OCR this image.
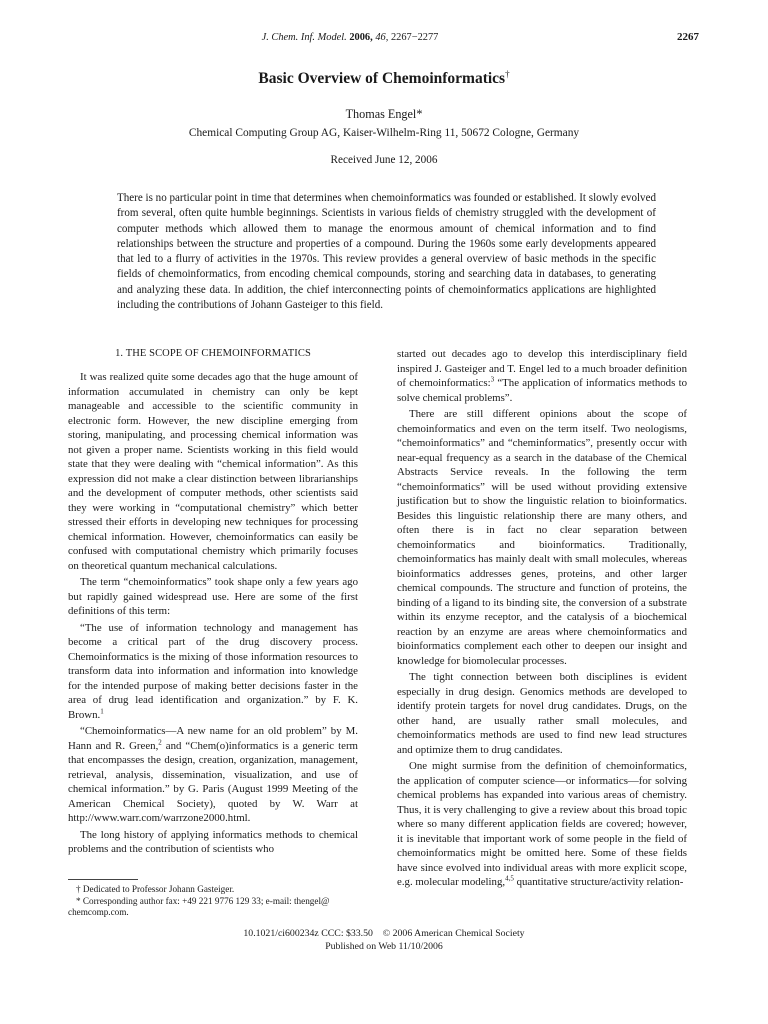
J. Chem. Inf. Model. 2006, 46, 2267−2277	2267
Basic Overview of Chemoinformatics†
Thomas Engel*
Chemical Computing Group AG, Kaiser-Wilhelm-Ring 11, 50672 Cologne, Germany
Received June 12, 2006

There is no particular point in time that determines when chemoinformatics was founded or established. It slowly evolved from several, often quite humble beginnings. Scientists in various fields of chemistry struggled with the development of computer methods which allowed them to manage the enormous amount of chemical information and to find relationships between the structure and properties of a compound. During the 1960s some early developments appeared that led to a flurry of activities in the 1970s. This review provides a general overview of basic methods in the specific fields of chemoinformatics, from encoding chemical compounds, storing and searching data in databases, to generating and analyzing these data. In addition, the chief interconnecting points of chemoinformatics applications are highlighted including the contributions of Johann Gasteiger to this field.

1. THE SCOPE OF CHEMOINFORMATICS

It was realized quite some decades ago that the huge amount of information accumulated in chemistry can only be kept manageable and accessible to the scientific community in electronic form. However, the new discipline emerging from storing, manipulating, and processing chemical information was not given a proper name. Scientists working in this field would state that they were dealing with “chemical information”. As this expression did not make a clear distinction between librarianships and the development of computer methods, other scientists said they were working in “computational chemistry” which better stressed their efforts in developing new techniques for processing chemical information. However, chemoinformatics can easily be confused with computational chemistry which primarily focuses on theoretical quantum mechanical calculations.

The term “chemoinformatics” took shape only a few years ago but rapidly gained widespread use. Here are some of the first definitions of this term:

“The use of information technology and management has become a critical part of the drug discovery process. Chemoinformatics is the mixing of those information resources to transform data into information and information into knowledge for the intended purpose of making better decisions faster in the area of drug lead identification and organization.” by F. K. Brown.$^1$

“Chemoinformatics—A new name for an old problem” by M. Hann and R. Green,$^2$ and “Chem(o)informatics is a generic term that encompasses the design, creation, organization, management, retrieval, analysis, dissemination, visualization, and use of chemical information.” by G. Paris (August 1999 Meeting of the American Chemical Society), quoted by W. Warr at http://www.warr.com/warrzone2000.html.

The long history of applying informatics methods to chemical problems and the contribution of scientists who

started out decades ago to develop this interdisciplinary field inspired J. Gasteiger and T. Engel led to a much broader definition of chemoinformatics:$^3$ “The application of informatics methods to solve chemical problems”.

There are still different opinions about the scope of chemoinformatics and even on the term itself. Two neologisms, “chemoinformatics” and “cheminformatics”, presently occur with near-equal frequency as a search in the database of the Chemical Abstracts Service reveals. In the following the term “chemoinformatics” will be used without providing extensive justification but to show the linguistic relation to bioinformatics. Besides this linguistic relationship there are many others, and often there is in fact no clear separation between chemoinformatics and bioinformatics. Traditionally, chemoinformatics has mainly dealt with small molecules, whereas bioinformatics addresses genes, proteins, and other larger chemical compounds. The structure and function of proteins, the binding of a ligand to its binding site, the conversion of a substrate within its enzyme receptor, and the catalysis of a biochemical reaction by an enzyme are areas where chemoinformatics and bioinformatics complement each other to deepen our insight and knowledge for biomolecular processes.

The tight connection between both disciplines is evident especially in drug design. Genomics methods are developed to identify protein targets for novel drug candidates. Drugs, on the other hand, are usually rather small molecules, and chemoinformatics methods are used to find new lead structures and optimize them to drug candidates.

One might surmise from the definition of chemoinformatics, the application of computer science—or informatics—for solving chemical problems has expanded into various areas of chemistry. Thus, it is very challenging to give a review about this broad topic where so many different application fields are covered; however, it is inevitable that important work of some people in the field of chemoinformatics might be omitted here. Some of these fields have since evolved into individual areas with more explicit scope, e.g. molecular modeling,$^{4,5}$ quantitative structure/activity relation-

† Dedicated to Professor Johann Gasteiger.
* Corresponding author fax: +49 221 9776 129 33; e-mail: thengel@ chemcomp.com.
10.1021/ci600234z CCC: $33.50 © 2006 American Chemical Society
Published on Web 11/10/2006
